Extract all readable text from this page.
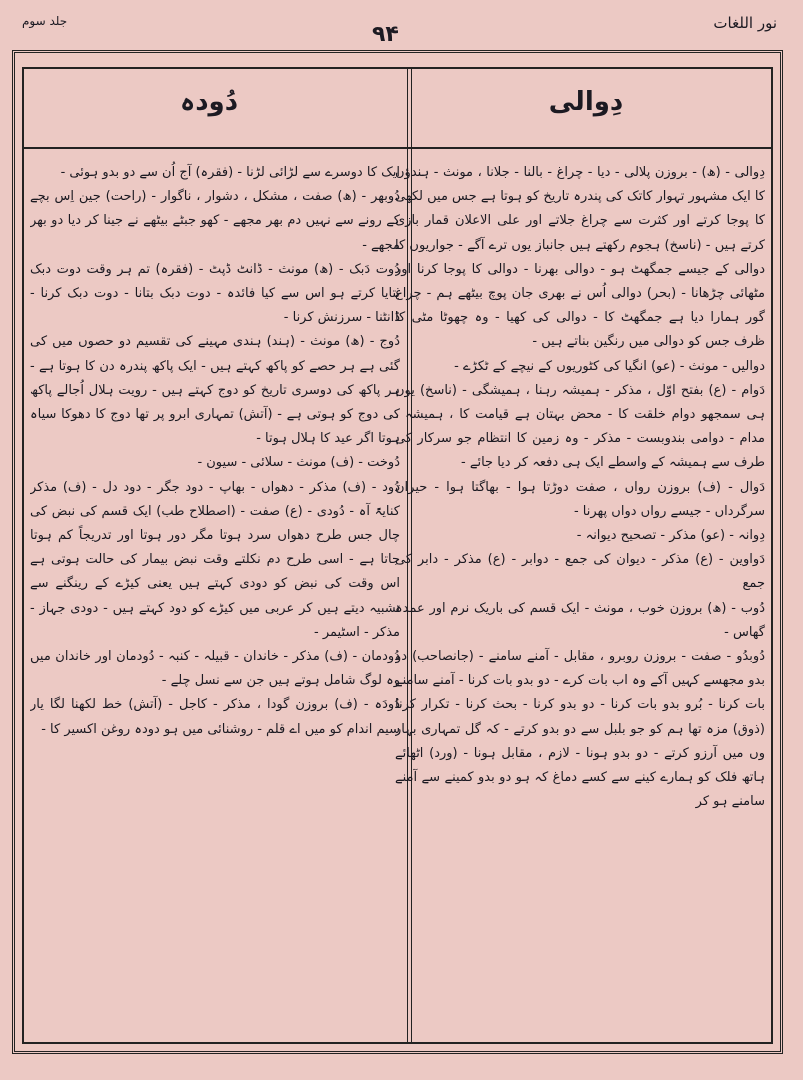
نور اللغات
۹۴
جلد سوم
دِوالی
دُودہ

دِوالی - (ھ) - بروزن پلالی - دیا - چراغ - بالنا - جلانا ، مونث - ہندؤں کا ایک مشہور تہوار کاتک کی پندرہ تاریخ کو ہوتا ہے جس میں لکھی کا پوجا کرتے اور کثرت سے چراغ جلاتے اور علی الاعلان قمار بازی کرتے ہیں - (ناسخ) ہجوم رکھتے ہیں جانباز یوں ترے آگے - جواریوں کا دوالی کے جیسے جمگھٹ ہو - دوالی بھرنا - دوالی کا پوجا کرنا اور مٹھائی چڑھانا - (بحر) دوالی اُس نے بھری جان پوچ بیٹھے ہم - چراغ گور ہمارا دیا ہے جمگھٹ کا - دوالی کی کھیا - وہ چھوٹا مٹی کا ظرف جس کو دوالی میں رنگین بناتے ہیں -

دوالیں - مونث - (عو) انگیا کی کٹوریوں کے نیچے کے ٹکڑے -

دَوام - (ع) بفتح اوّل ، مذکر - ہمیشہ رہنا ، ہمیشگی - (ناسخ) یوں ہی سمجھو دوام خلقت کا - محض بہتان ہے قیامت کا ، ہمیشہ ، مدام - دوامی بندوبست - مذکر - وہ زمین کا انتظام جو سرکار کی طرف سے ہمیشہ کے واسطے ایک ہی دفعہ کر دیا جائے -

دَوال - (ف) بروزن رواں ، صفت دوڑتا ہوا - بھاگتا ہوا - حیران سرگرداں - جیسے رواں دواں پھرنا -

دِوانہ - (عو) مذکر - تصحیح دیوانہ -

دَواوین - (ع) مذکر - دیوان کی جمع - دوابر - (ع) مذکر - دابر کی جمع

دُوب - (ھ) بروزن خوب ، مونث - ایک قسم کی باریک نرم اور عمدہ گھاس -

دُوبدُو - صفت - بروزن روبرو ، مقابل - آمنے سامنے - (جانصاحب) دو بدو مجھسے کہیں آکے وہ اب بات کرے - دو بدو بات کرنا - آمنے سامنے بات کرنا - بُرو بدو بات کرنا - دو بدو کرنا - بحث کرنا - تکرار کرنا (ذوق) مزہ تھا ہم کو جو بلبل سے دو بدو کرتے - کہ گل تمہاری بہار وں میں آرزو کرتے - دو بدو ہونا - لازم ، مقابل ہونا - (ورد) اٹھائے ہاتھ فلک کو ہمارے کینے سے کسے دماغ کہ ہو دو بدو کمینے سے آمنے سامنے ہو کر

ایک کا دوسرے سے لڑائی لڑنا - (فقرہ) آج اُن سے دو بدو ہوئی -

دُوبھر - (ھ) صفت ، مشکل ، دشوار ، ناگوار - (راحت) جین اِس بچے کے رونے سے نہیں دم بھر مجھے - کھو جبٹے بیٹھے نے جینا کر دیا دو بھر مجھے -

دُوت دَبک - (ھ) مونث - ڈانٹ ڈپٹ - (فقرہ) تم ہر وقت دوت دبک بتایا کرتے ہو اس سے کیا فائدہ - دوت دبک بتانا - دوت دبک کرنا - ڈانٹنا - سرزنش کرنا -

دُوج - (ھ) مونث - (ہند) ہندی مہینے کی تقسیم دو حصوں میں کی گئی ہے ہر حصے کو پاکھ کہتے ہیں - ایک پاکھ پندرہ دن کا ہوتا ہے - ہر پاکھ کی دوسری تاریخ کو دوج کہتے ہیں - رویت ہلال اُجالے پاکھ کی دوج کو ہوتی ہے - (آتش) تمہاری ابرو پر تھا دوج کا دھوکا سیاہ ہوتا اگر عید کا ہلال ہوتا -

دُوخت - (ف) مونث - سلائی - سیون -

دُود - (ف) مذکر - دھواں - بھاپ - دود جگر - دود دل - (ف) مذکر کنایۃً آہ - دُودی - (ع) صفت - (اصطلاح طب) ایک قسم کی نبض کی چال جس طرح دھواں سرد ہوتا مگر دور ہوتا اور تدریجاً کم ہوتا جاتا ہے - اسی طرح دم نکلتے وقت نبض بیمار کی حالت ہوتی ہے اس وقت کی نبض کو دودی کہتے ہیں یعنی کیڑے کے رینگنے سے تشبیہ دیتے ہیں کر عربی میں کیڑے کو دود کہتے ہیں - دودی جہاز - مذکر - اسٹیمر -

دُودمان - (ف) مذکر - خاندان - قبیلہ - کنبہ - دُودمان اور خاندان میں وہ لوگ شامل ہوتے ہیں جن سے نسل چلے -

دُودَہ - (ف) بروزن گودا ، مذکر - کاجل - (آتش) خط لکھنا لگا یار سیم اندام کو میں اے قلم - روشنائی میں ہو دودہ روغن اکسیر کا -
